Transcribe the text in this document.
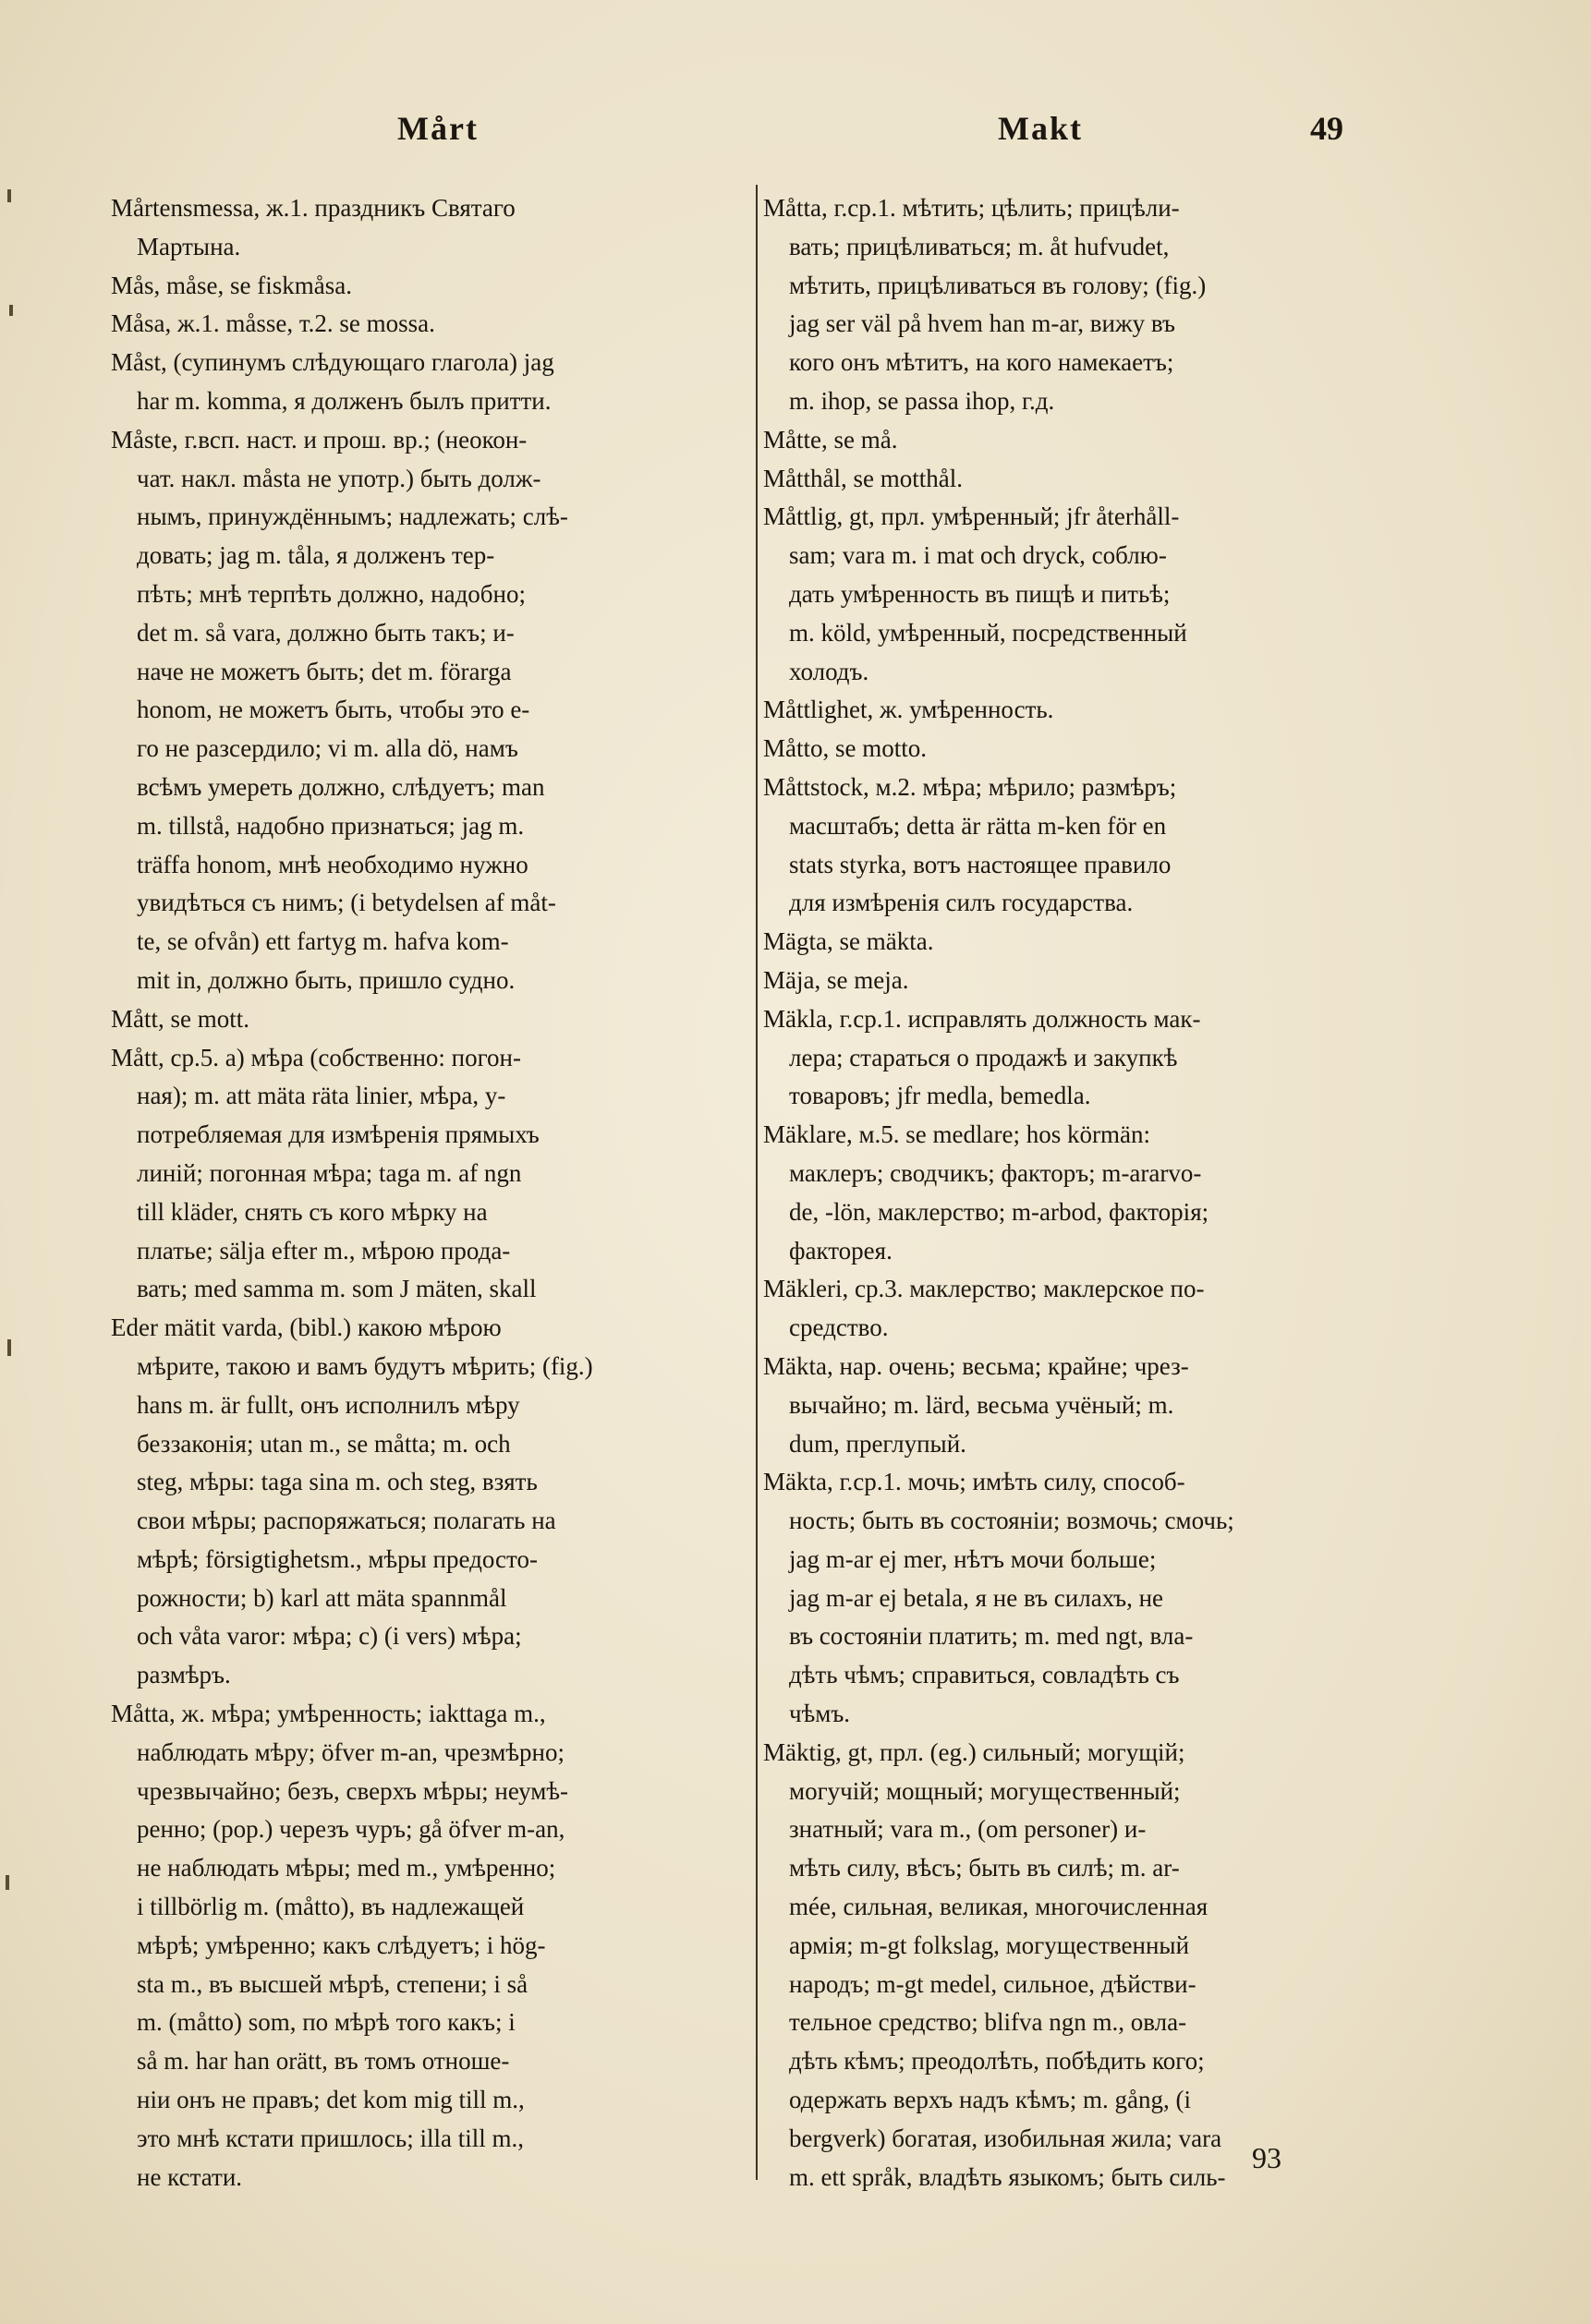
Mårt	Makt	49
Mårtensmessa, ж.1. праздникъ Святаго
Мартына.
Mås, måse, se fiskmåsa.
Måsa, ж.1. måsse, т.2. se mossa.
Måst, (супинумъ слѣдующаго глагола) jag
har m. komma, я долженъ былъ притти.
Måste, г.всп. наст. и прош. вр.; (неокон-
чат. накл. måsta не употр.) быть долж-
нымъ, принуждённымъ; надлежать; слѣ-
довать; jag m. tåla, я долженъ тер-
пѣть; мнѣ терпѣть должно, надобно;
det m. så vara, должно быть такъ; и-
наче не можетъ быть; det m. förarga
honom, не можетъ быть, чтобы это е-
го не разсердило; vi m. alla dö, намъ
всѣмъ умереть должно, слѣдуетъ; man
m. tillstå, надобно признаться; jag m.
träffa honom, мнѣ необходимо нужно
увидѣться съ нимъ; (i betydelsen af måt-
te, se ofvån) ett fartyg m. hafva kom-
mit in, должно быть, пришло судно.
Mått, se mott.
Mått, ср.5. a) мѣра (собственно: погон-
ная); m. att mäta räta linier, мѣра, у-
потребляемая для измѣренія прямыхъ
линій; погонная мѣра; taga m. af ngn
till kläder, снять съ кого мѣрку на
платье; sälja efter m., мѣрою прода-
вать; med samma m. som J mäten, skall
Eder mätit varda, (bibl.) какою мѣрою
мѣрите, такою и вамъ будутъ мѣрить; (fig.)
hans m. är fullt, онъ исполнилъ мѣру
беззаконія; utan m., se måtta; m. och
steg, мѣры: taga sina m. och steg, взять
свои мѣры; распоряжаться; полагать на
мѣрѣ; försigtighetsm., мѣры предосто-
рожности; b) karl att mäta spannmål
och våta varor: мѣра; c) (i vers) мѣра;
размѣръ.
Måtta, ж. мѣра; умѣренность; iakttaga m.,
наблюдать мѣру; öfver m-an, чрезмѣрно;
чрезвычайно; безъ, сверхъ мѣры; неумѣ-
ренно; (pop.) черезъ чуръ; gå öfver m-an,
не наблюдать мѣры; med m., умѣренно;
i tillbörlig m. (måtto), въ надлежащей
мѣрѣ; умѣренно; какъ слѣдуетъ; i hög-
sta m., въ высшей мѣрѣ, степени; i så
m. (måtto) som, по мѣрѣ того какъ; i
så m. har han orätt, въ томъ отноше-
ніи онъ не правъ; det kom mig till m.,
это мнѣ кстати пришлось; illa till m.,
не кстати.
Måtta, г.ср.1. мѣтить; цѣлить; прицѣли-
вать; прицѣливаться; m. åt hufvudet,
мѣтить, прицѣливаться въ голову; (fig.)
jag ser väl på hvem han m-ar, вижу въ
кого онъ мѣтитъ, на кого намекаетъ;
m. ihop, se passa ihop, г.д.
Måtte, se må.
Måtthål, se motthål.
Måttlig, gt, прл. умѣренный; jfr återhåll-
sam; vara m. i mat och dryck, соблю-
дать умѣренность въ пищѣ и питьѣ;
m. köld, умѣренный, посредственный
холодъ.
Måttlighet, ж. умѣренность.
Måtto, se motto.
Måttstock, м.2. мѣра; мѣрило; размѣръ;
масштабъ; detta är rätta m-ken för en
stats styrka, вотъ настоящее правило
для измѣренія силъ государства.
Mägta, se mäkta.
Mäja, se meja.
Mäkla, г.ср.1. исправлять должность мак-
лера; стараться о продажѣ и закупкѣ
товаровъ; jfr medla, bemedla.
Mäklare, м.5. se medlare; hos körmän:
маклеръ; сводчикъ; факторъ; m-ararvo-
de, -lön, маклерство; m-arbod, факторія;
факторея.
Mäkleri, ср.3. маклерство; маклерское по-
средство.
Mäkta, нар. очень; весьма; крайне; чрез-
вычайно; m. lärd, весьма учёный; m.
dum, преглупый.
Mäkta, г.ср.1. мочь; имѣть силу, способ-
ность; быть въ состояніи; возмочь; смочь;
jag m-ar ej mer, нѣтъ мочи больше;
jag m-ar ej betala, я не въ силахъ, не
въ состояніи платить; m. med ngt, вла-
дѣть чѣмъ; справиться, совладѣть съ
чѣмъ.
Mäktig, gt, прл. (eg.) сильный; могущій;
могучій; мощный; могущественный;
знатный; vara m., (om personer) и-
мѣть силу, вѣсъ; быть въ силѣ; m. ar-
mée, сильная, великая, многочисленная
армія; m-gt folkslag, могущественный
народъ; m-gt medel, сильное, дѣйстви-
тельное средство; blifva ngn m., овла-
дѣть кѣмъ; преодолѣть, побѣдить кого;
одержать верхъ надъ кѣмъ; m. gång, (i
bergverk) богатая, изобильная жила; vara
m. ett språk, владѣть языкомъ; быть силь-
93
